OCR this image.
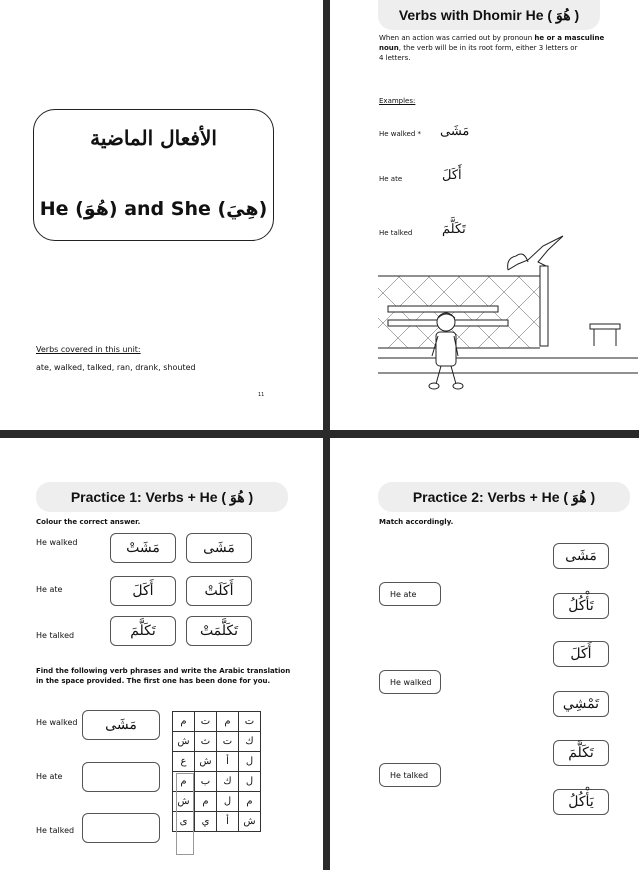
الأفعال الماضية
He (هُوَ) and She (هِيَ)
Verbs covered in this unit:
ate, walked, talked, ran, drank, shouted
11
Verbs with Dhomir He ( هُوَ )
When an action was carried out by pronoun he or a masculine
noun, the verb will be in its root form, either 3 letters or
4 letters.
Examples:
He walked * مَشَى
He ate	أَكَلَ
He talked تَكَلَّمَ
Practice 1: Verbs + He ( هُوَ )
Colour the correct answer.
He walked	مَشَتْ	مَشَى
He ate	أَكَلَ	أَكَلَتْ
He talked	تَكَلَّمَ	تَكَلَّمَتْ
Find the following verb phrases and write the Arabic translation
in the space provided. The first one has been done for you.
He walked مَشَى
He ate
He talked
م	ت	م	ت
ش	ث	ت	ك
ع	ش	أ	ل
م	ب	ك	ل
ش	م	ل	م
ى	ي	أ	ش
Practice 2: Verbs + He ( هُوَ )
Match accordingly.
He ate
He walked
He talked
مَشَى
تَأْكُلُ
أَكَلَ
تَمْشِي
تَكَلَّمَ
يَأْكُلُ
